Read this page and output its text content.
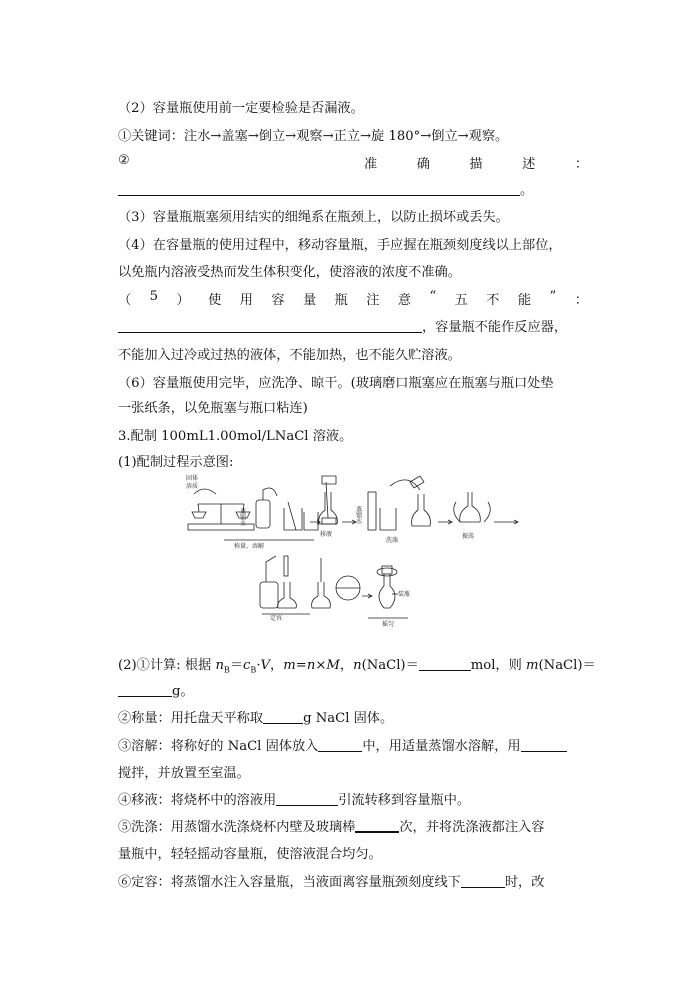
（2）容量瓶使用前一定要检验是否漏液。
①关键词：注水→盖塞→倒立→观察→正立→旋 180°→倒立→观察。
②	准	确	描	述	：
。
（3）容量瓶瓶塞须用结实的细绳系在瓶颈上，以防止损坏或丢失。
（4）在容量瓶的使用过程中，移动容量瓶，手应握在瓶颈刻度线以上部位，
以免瓶内溶液受热而发生体积变化，使溶液的浓度不准确。
（ 5 ） 使 用 容 量 瓶 注 意 “ 五 不 能 ” ：
，容量瓶不能作反应器，
不能加入过冷或过热的液体，不能加热，也不能久贮溶液。
（6）容量瓶使用完毕，应洗净、晾干。(玻璃磨口瓶塞应在瓶塞与瓶口处垫
一张纸条，以免瓶塞与瓶口粘连)
3.配制 100mL1.00mol/LNaCl 溶液。
(1)配制过程示意图:
固体
溶质
蒸馏水
称量、溶解
移液
蒸馏水
洗涤
振荡
定容
装瓶
摇匀
(2)①计算: 根据 $n_B=c_B\cdot V$，m=n×M，n(NaCl)＝	mol，则 m(NaCl)＝
g。
②称量：用托盘天平称取	g NaCl 固体。
③溶解：将称好的 NaCl 固体放入	中，用适量蒸馏水溶解，用
搅拌，并放置至室温。
④移液：将烧杯中的溶液用	引流转移到容量瓶中。
⑤洗涤：用蒸馏水洗涤烧杯内壁及玻璃棒	次，并将洗涤液都注入容
量瓶中，轻轻摇动容量瓶，使溶液混合均匀。
⑥定容：将蒸馏水注入容量瓶，当液面离容量瓶颈刻度线下	时，改
